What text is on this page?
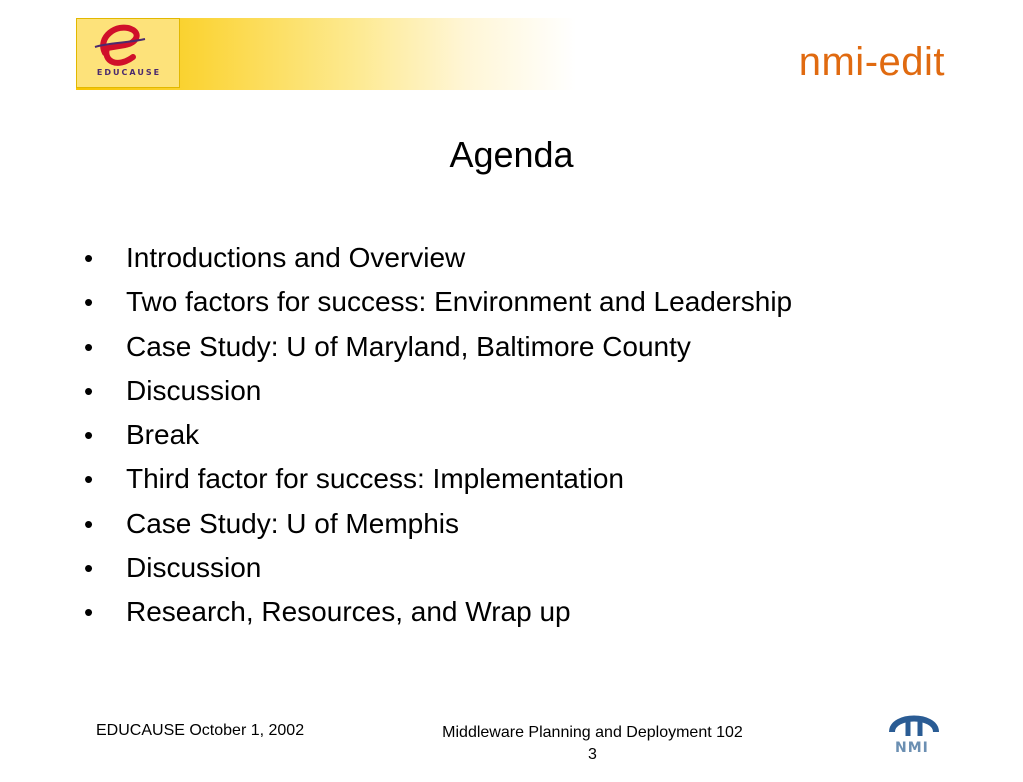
EDUCAUSE	nmi-edit
Agenda
• Introductions and Overview
• Two factors for success: Environment and Leadership
• Case Study: U of Maryland, Baltimore County
• Discussion
• Break
• Third factor for success: Implementation
• Case Study: U of Memphis
• Discussion
• Research, Resources, and Wrap up
EDUCAUSE October 1, 2002	Middleware Planning and Deployment 102
3	NMI
